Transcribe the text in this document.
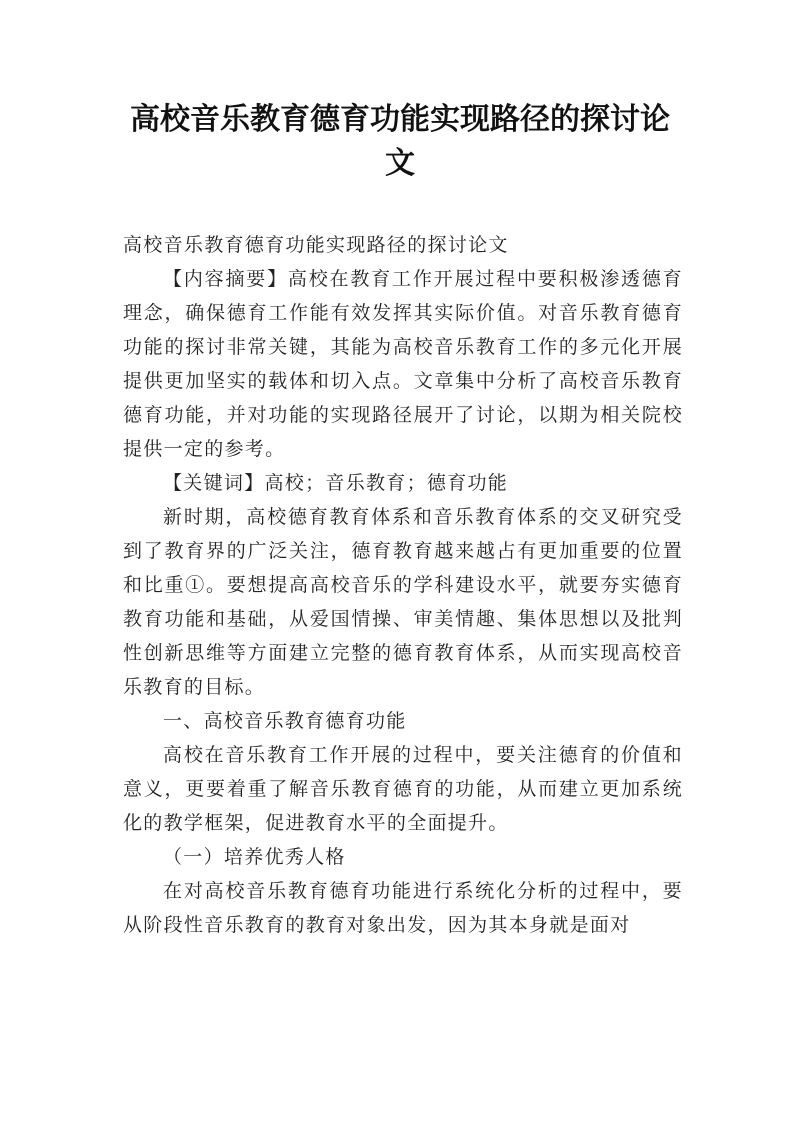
高校音乐教育德育功能实现路径的探讨论
文

高校音乐教育德育功能实现路径的探讨论文

【内容摘要】高校在教育工作开展过程中要积极渗透德育理念，确保德育工作能有效发挥其实际价值。对音乐教育德育功能的探讨非常关键，其能为高校音乐教育工作的多元化开展提供更加坚实的载体和切入点。文章集中分析了高校音乐教育德育功能，并对功能的实现路径展开了讨论，以期为相关院校提供一定的参考。

【关键词】高校；音乐教育；德育功能

新时期，高校德育教育体系和音乐教育体系的交叉研究受到了教育界的广泛关注，德育教育越来越占有更加重要的位置和比重①。要想提高高校音乐的学科建设水平，就要夯实德育教育功能和基础，从爱国情操、审美情趣、集体思想以及批判性创新思维等方面建立完整的德育教育体系，从而实现高校音乐教育的目标。

一、高校音乐教育德育功能

高校在音乐教育工作开展的过程中，要关注德育的价值和意义，更要着重了解音乐教育德育的功能，从而建立更加系统化的教学框架，促进教育水平的全面提升。

（一）培养优秀人格

在对高校音乐教育德育功能进行系统化分析的过程中，要从阶段性音乐教育的教育对象出发，因为其本身就是面对
